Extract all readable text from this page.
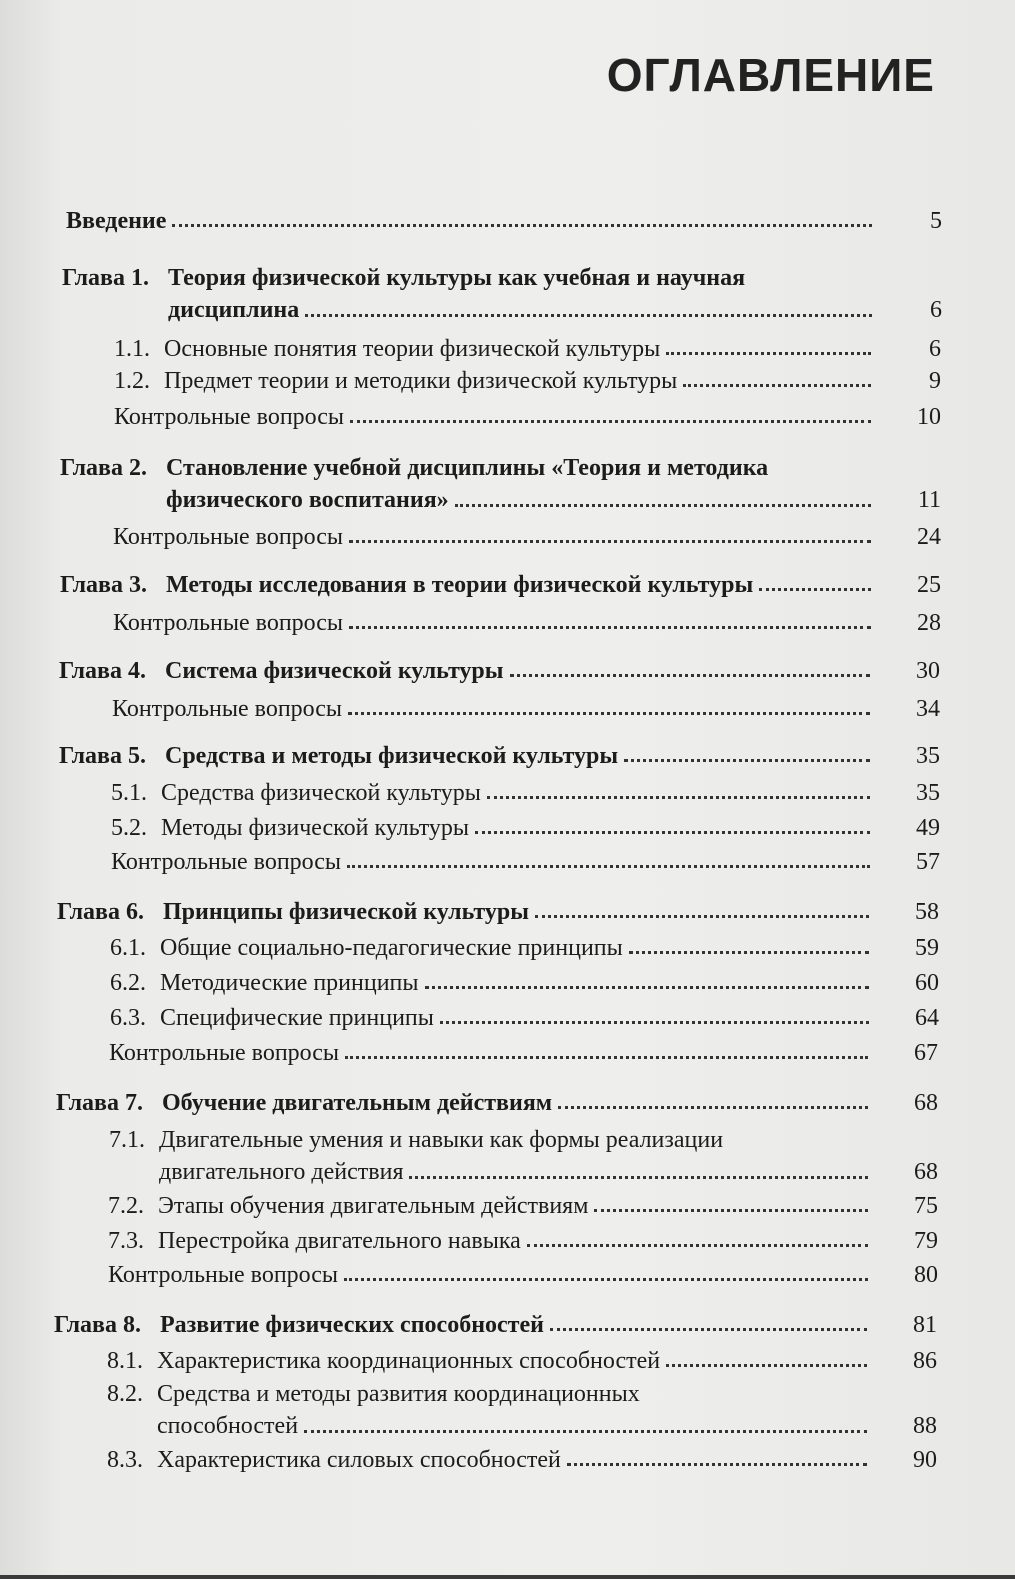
ОГЛАВЛЕНИЕ
Введение	5
Глава 1. Теория физической культуры как учебная и научная
дисциплина	6
1.1. Основные понятия теории физической культуры	6
1.2. Предмет теории и методики физической культуры	9
Контрольные вопросы	10
Глава 2. Становление учебной дисциплины «Теория и методика
физического воспитания»	11
Контрольные вопросы	24
Глава 3. Методы исследования в теории физической культуры	25
Контрольные вопросы	28
Глава 4. Система физической культуры	30
Контрольные вопросы	34
Глава 5. Средства и методы физической культуры	35
5.1. Средства физической культуры	35
5.2. Методы физической культуры	49
Контрольные вопросы	57
Глава 6. Принципы физической культуры	58
6.1. Общие социально-педагогические принципы	59
6.2. Методические принципы	60
6.3. Специфические принципы	64
Контрольные вопросы	67
Глава 7. Обучение двигательным действиям	68
7.1. Двигательные умения и навыки как формы реализации
двигательного действия	68
7.2. Этапы обучения двигательным действиям	75
7.3. Перестройка двигательного навыка	79
Контрольные вопросы	80
Глава 8. Развитие физических способностей	81
8.1. Характеристика координационных способностей	86
8.2. Средства и методы развития координационных
способностей	88
8.3. Характеристика силовых способностей	90
